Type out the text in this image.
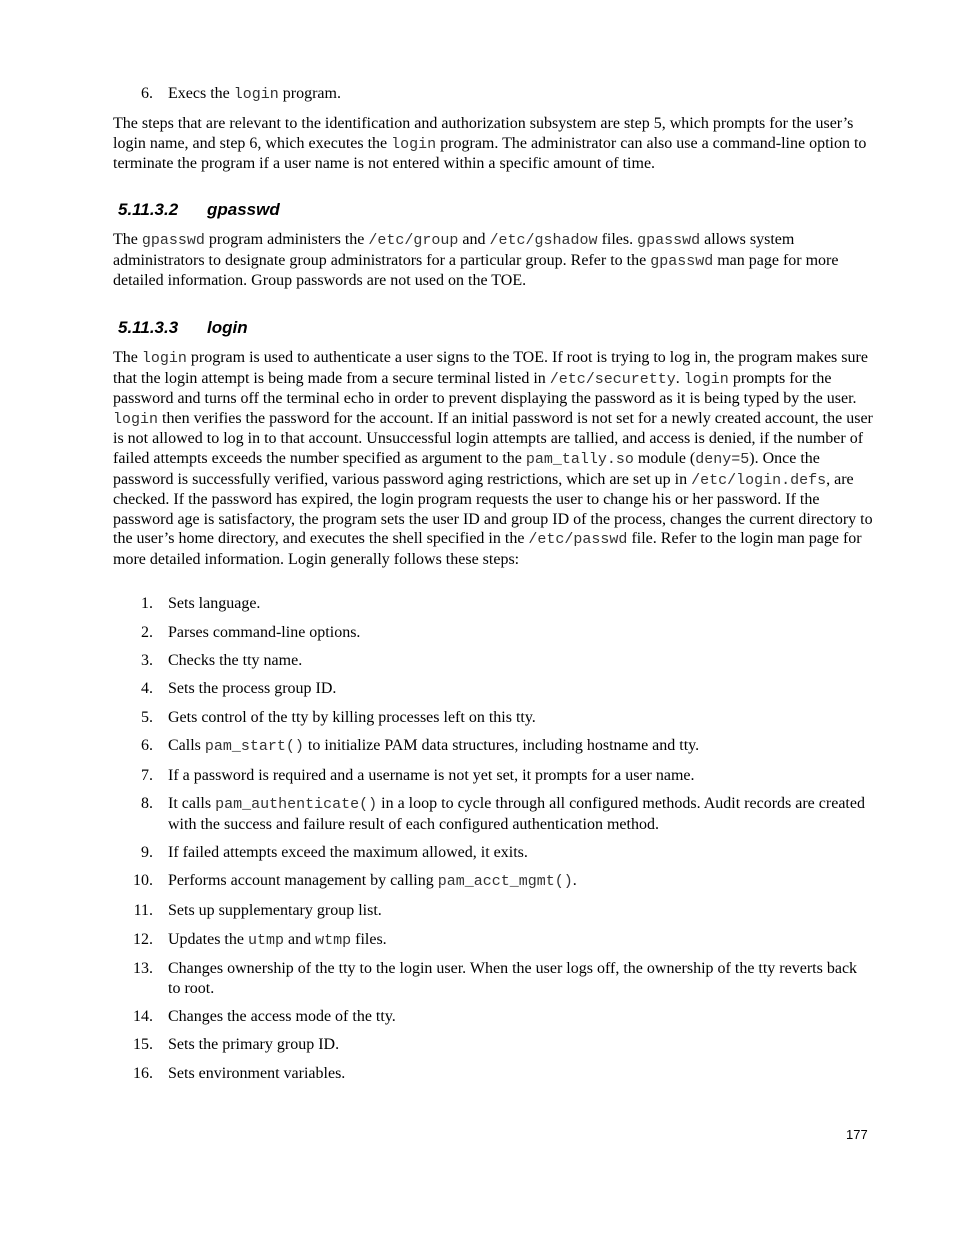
6. Execs the login program.

The steps that are relevant to the identification and authorization subsystem are step 5, which prompts for the user’s login name, and step 6, which executes the login program. The administrator can also use a command-line option to terminate the program if a user name is not entered within a specific amount of time.

5.11.3.2 gpasswd

The gpasswd program administers the /etc/group and /etc/gshadow files. gpasswd allows system administrators to designate group administrators for a particular group. Refer to the gpasswd man page for more detailed information. Group passwords are not used on the TOE.

5.11.3.3 login

The login program is used to authenticate a user signs to the TOE. If root is trying to log in, the program makes sure that the login attempt is being made from a secure terminal listed in /etc/securetty. login prompts for the password and turns off the terminal echo in order to prevent displaying the password as it is being typed by the user. login then verifies the password for the account. If an initial password is not set for a newly created account, the user is not allowed to log in to that account. Unsuccessful login attempts are tallied, and access is denied, if the number of failed attempts exceeds the number specified as argument to the pam_tally.so module (deny=5). Once the password is successfully verified, various password aging restrictions, which are set up in /etc/login.defs, are checked. If the password has expired, the login program requests the user to change his or her password. If the password age is satisfactory, the program sets the user ID and group ID of the process, changes the current directory to the user’s home directory, and executes the shell specified in the /etc/passwd file. Refer to the login man page for more detailed information. Login generally follows these steps:

1. Sets language.
2. Parses command-line options.
3. Checks the tty name.
4. Sets the process group ID.
5. Gets control of the tty by killing processes left on this tty.
6. Calls pam_start() to initialize PAM data structures, including hostname and tty.
7. If a password is required and a username is not yet set, it prompts for a user name.
8. It calls pam_authenticate() in a loop to cycle through all configured methods. Audit records are created with the success and failure result of each configured authentication method.
9. If failed attempts exceed the maximum allowed, it exits.
10. Performs account management by calling pam_acct_mgmt().
11. Sets up supplementary group list.
12. Updates the utmp and wtmp files.
13. Changes ownership of the tty to the login user. When the user logs off, the ownership of the tty reverts back to root.
14. Changes the access mode of the tty.
15. Sets the primary group ID.
16. Sets environment variables.
177
